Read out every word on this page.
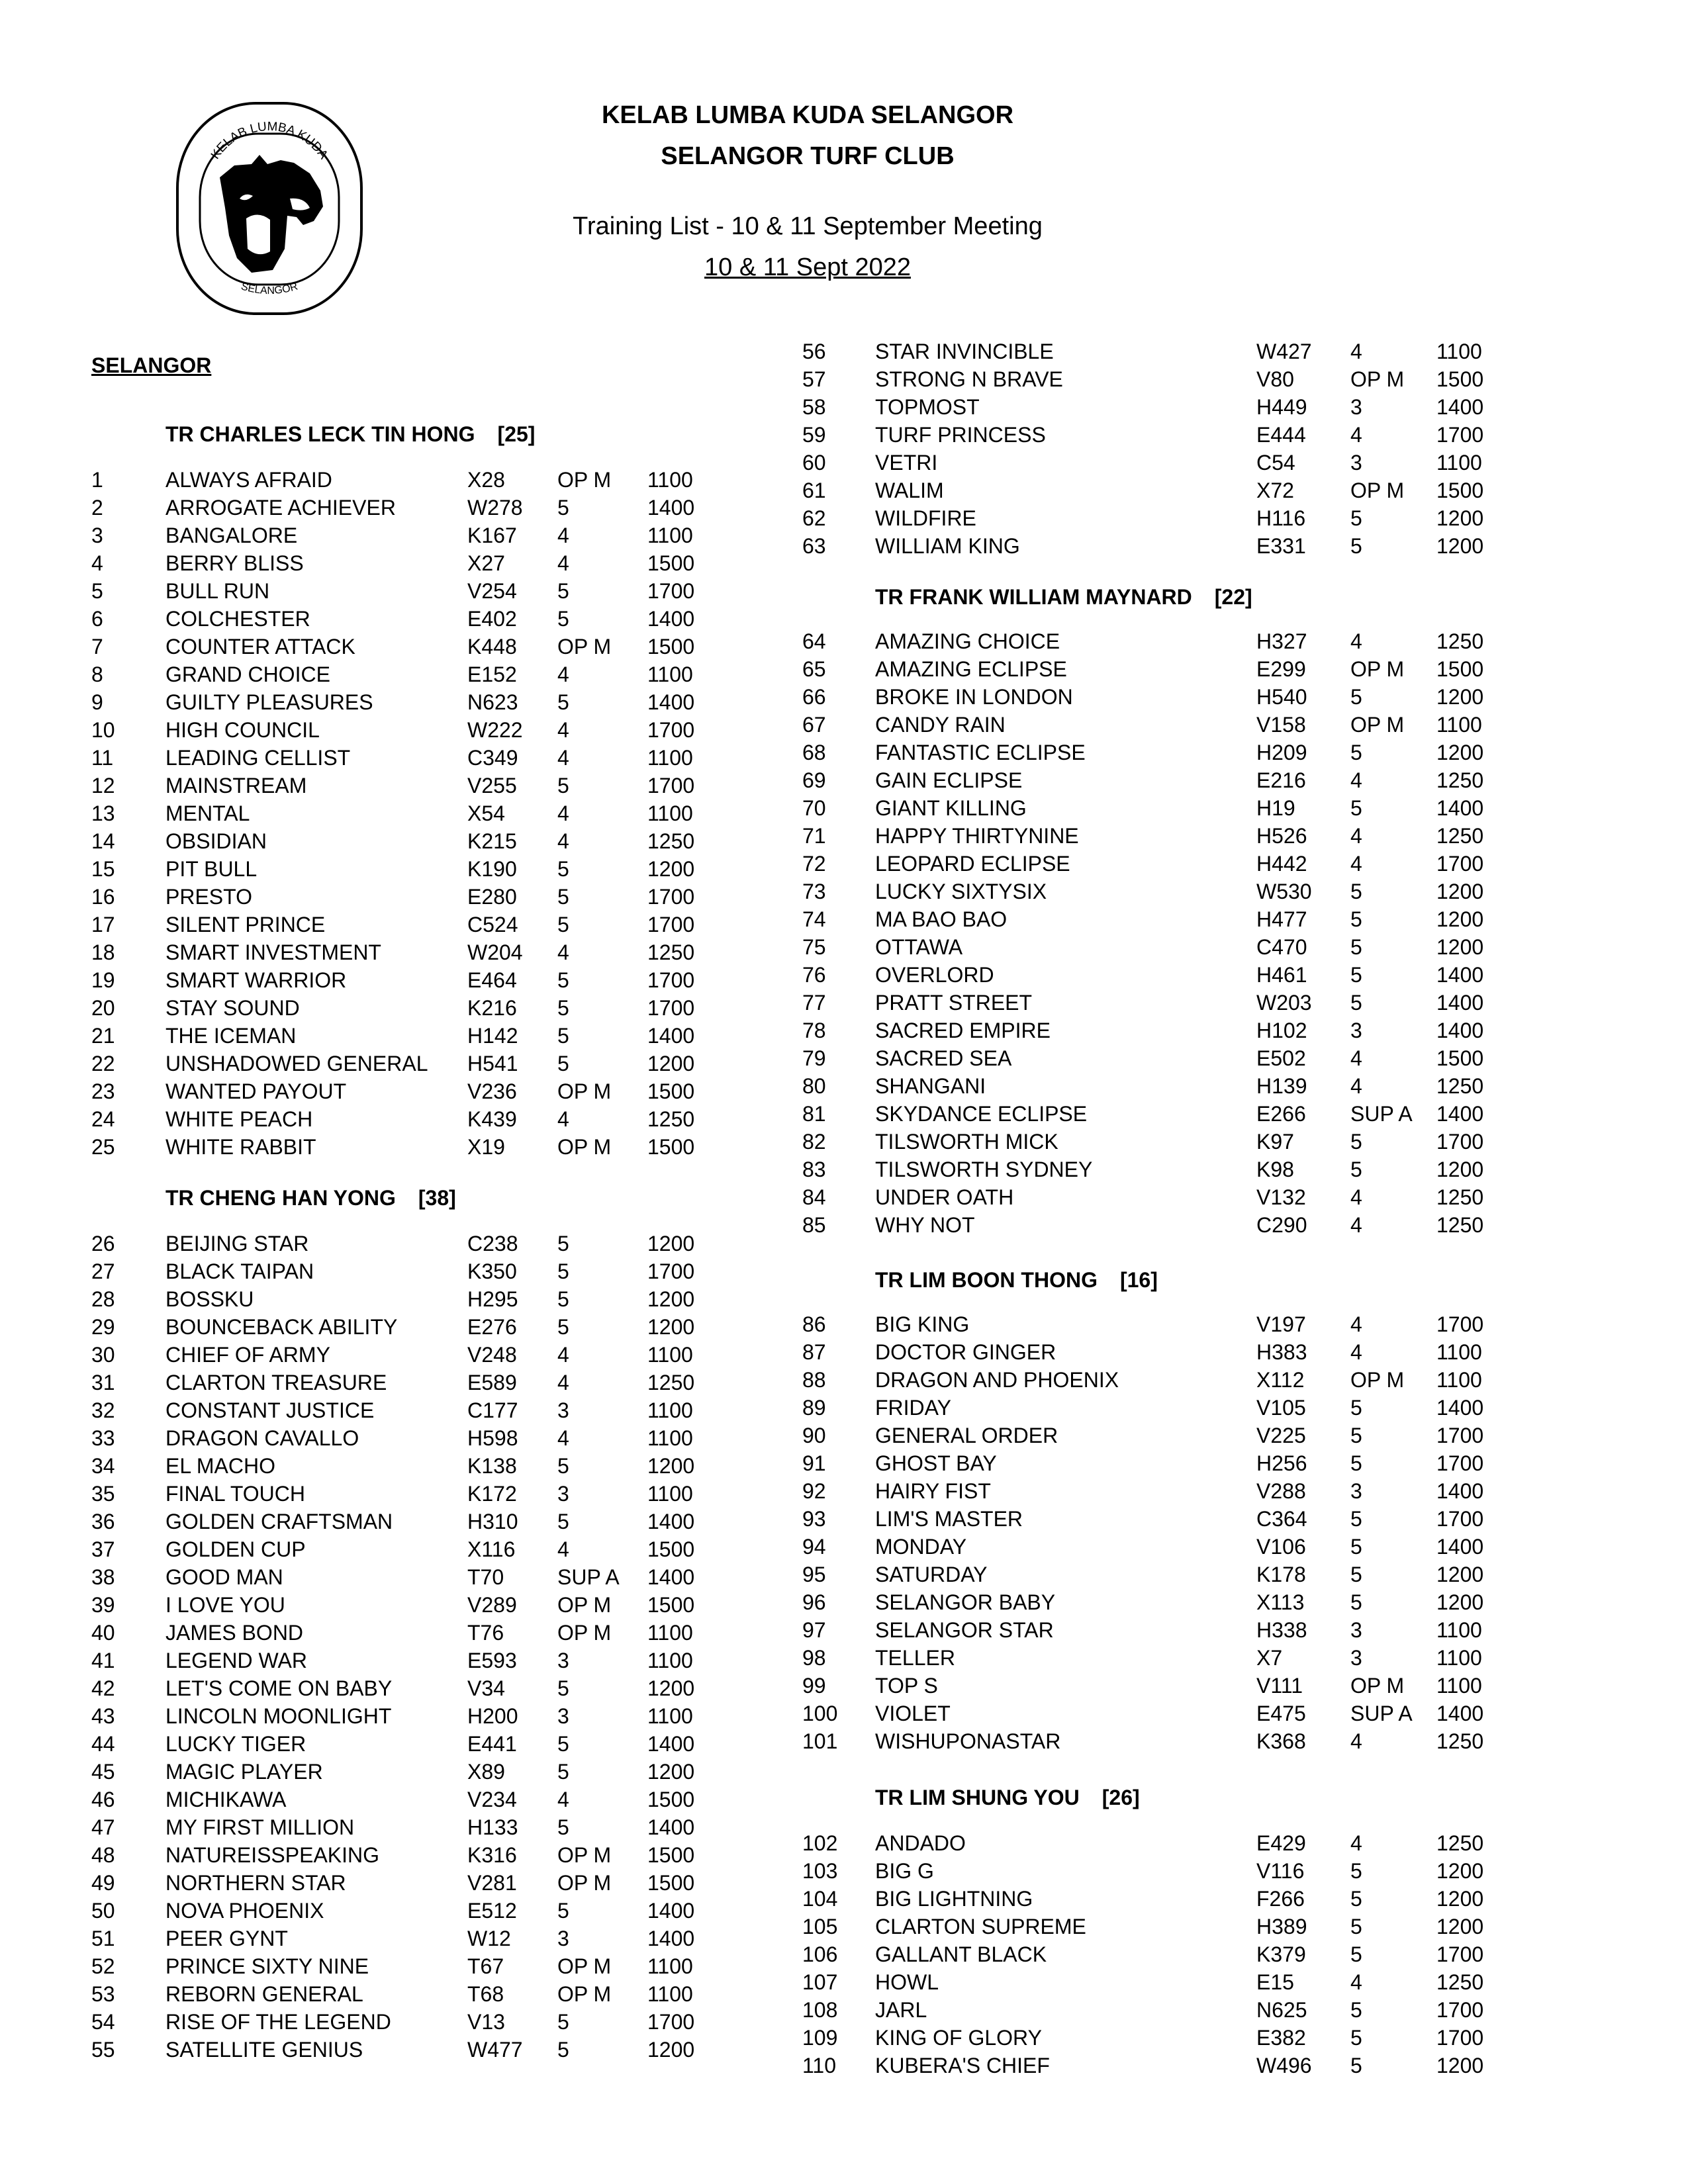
KELAB LUMBA KUDA
SELANGOR
KELAB LUMBA KUDA SELANGOR
SELANGOR TURF CLUB
Training List - 10 & 11 September Meeting
10 & 11 Sept 2022
SELANGOR
TR CHARLES LECK TIN HONG [25]
1	ALWAYS AFRAID	X28 OP M 1100
2	ARROGATE ACHIEVER	W278 5	1400
3	BANGALORE	K167 4	1100
4	BERRY BLISS	X27 4	1500
5	BULL RUN	V254 5	1700
6	COLCHESTER	E402 5	1400
7	COUNTER ATTACK	K448 OP M 1500
8	GRAND CHOICE	E152 4	1100
9	GUILTY PLEASURES	N623 5	1400
10 HIGH COUNCIL	W222 4	1700
11 LEADING CELLIST	C349 4	1100
12 MAINSTREAM	V255 5	1700
13 MENTAL	X54 4	1100
14 OBSIDIAN	K215 4	1250
15 PIT BULL	K190 5	1200
16 PRESTO	E280 5	1700
17 SILENT PRINCE	C524 5	1700
18 SMART INVESTMENT	W204 4	1250
19 SMART WARRIOR	E464 5	1700
20 STAY SOUND	K216 5	1700
21 THE ICEMAN	H142 5	1400
22 UNSHADOWED GENERAL H541 5	1200
23 WANTED PAYOUT	V236 OP M 1500
24 WHITE PEACH	K439 4	1250
25 WHITE RABBIT	X19 OP M 1500
TR CHENG HAN YONG [38]
26 BEIJING STAR	C238 5	1200
27 BLACK TAIPAN	K350 5	1700
28 BOSSKU	H295 5	1200
29 BOUNCEBACK ABILITY	E276 5	1200
30 CHIEF OF ARMY	V248 4	1100
31 CLARTON TREASURE	E589 4	1250
32 CONSTANT JUSTICE	C177 3	1100
33 DRAGON CAVALLO	H598 4	1100
34 EL MACHO	K138 5	1200
35 FINAL TOUCH	K172 3	1100
36 GOLDEN CRAFTSMAN	H310 5	1400
37 GOLDEN CUP	X116 4	1500
38 GOOD MAN	T70	SUP A 1400
39 I LOVE YOU	V289 OP M 1500
40 JAMES BOND	T76	OP M 1100
41 LEGEND WAR	E593 3	1100
42 LET'S COME ON BABY	V34 5	1200
43 LINCOLN MOONLIGHT	H200 3	1100
44 LUCKY TIGER	E441 5	1400
45 MAGIC PLAYER	X89 5	1200
46 MICHIKAWA	V234 4	1500
47 MY FIRST MILLION	H133 5	1400
48 NATUREISSPEAKING	K316 OP M 1500
49 NORTHERN STAR	V281 OP M 1500
50 NOVA PHOENIX	E512 5	1400
51 PEER GYNT	W12 3	1400
52 PRINCE SIXTY NINE	T67	OP M 1100
53 REBORN GENERAL	T68	OP M 1100
54 RISE OF THE LEGEND	V13 5	1700
55 SATELLITE GENIUS	W477 5	1200
56 STAR INVINCIBLE	W427 4	1100
57 STRONG N BRAVE	V80	OP M 1500
58 TOPMOST	H449 3	1400
59 TURF PRINCESS	E444 4	1700
60 VETRI	C54	3	1100
61 WALIM	X72	OP M 1500
62 WILDFIRE	H116 5	1200
63 WILLIAM KING	E331 5	1200
TR FRANK WILLIAM MAYNARD [22]
64 AMAZING CHOICE	H327 4	1250
65 AMAZING ECLIPSE	E299 OP M 1500
66 BROKE IN LONDON	H540 5	1200
67 CANDY RAIN	V158 OP M 1100
68 FANTASTIC ECLIPSE	H209 5	1200
69 GAIN ECLIPSE	E216 4	1250
70 GIANT KILLING	H19	5	1400
71 HAPPY THIRTYNINE	H526 4	1250
72 LEOPARD ECLIPSE	H442 4	1700
73 LUCKY SIXTYSIX	W530 5	1200
74 MA BAO BAO	H477 5	1200
75 OTTAWA	C470 5	1200
76 OVERLORD	H461 5	1400
77 PRATT STREET	W203 5	1400
78 SACRED EMPIRE	H102 3	1400
79 SACRED SEA	E502 4	1500
80 SHANGANI	H139 4	1250
81 SKYDANCE ECLIPSE	E266 SUP A 1400
82 TILSWORTH MICK	K97	5	1700
83 TILSWORTH SYDNEY	K98	5	1200
84 UNDER OATH	V132 4	1250
85 WHY NOT	C290 4	1250
TR LIM BOON THONG [16]
86 BIG KING	V197 4	1700
87 DOCTOR GINGER	H383 4	1100
88 DRAGON AND PHOENIX	X112 OP M 1100
89 FRIDAY	V105 5	1400
90 GENERAL ORDER	V225 5	1700
91 GHOST BAY	H256 5	1700
92 HAIRY FIST	V288 3	1400
93 LIM'S MASTER	C364 5	1700
94 MONDAY	V106 5	1400
95 SATURDAY	K178 5	1200
96 SELANGOR BABY	X113 5	1200
97 SELANGOR STAR	H338 3	1100
98 TELLER	X7	3	1100
99 TOP S	V111 OP M 1100
100 VIOLET	E475 SUP A 1400
101 WISHUPONASTAR	K368 4	1250
TR LIM SHUNG YOU [26]
102 ANDADO	E429 4	1250
103 BIG G	V116 5	1200
104 BIG LIGHTNING	F266 5	1200
105 CLARTON SUPREME	H389 5	1200
106 GALLANT BLACK	K379 5	1700
107 HOWL	E15	4	1250
108 JARL	N625 5	1700
109 KING OF GLORY	E382 5	1700
110 KUBERA'S CHIEF	W496 5	1200
